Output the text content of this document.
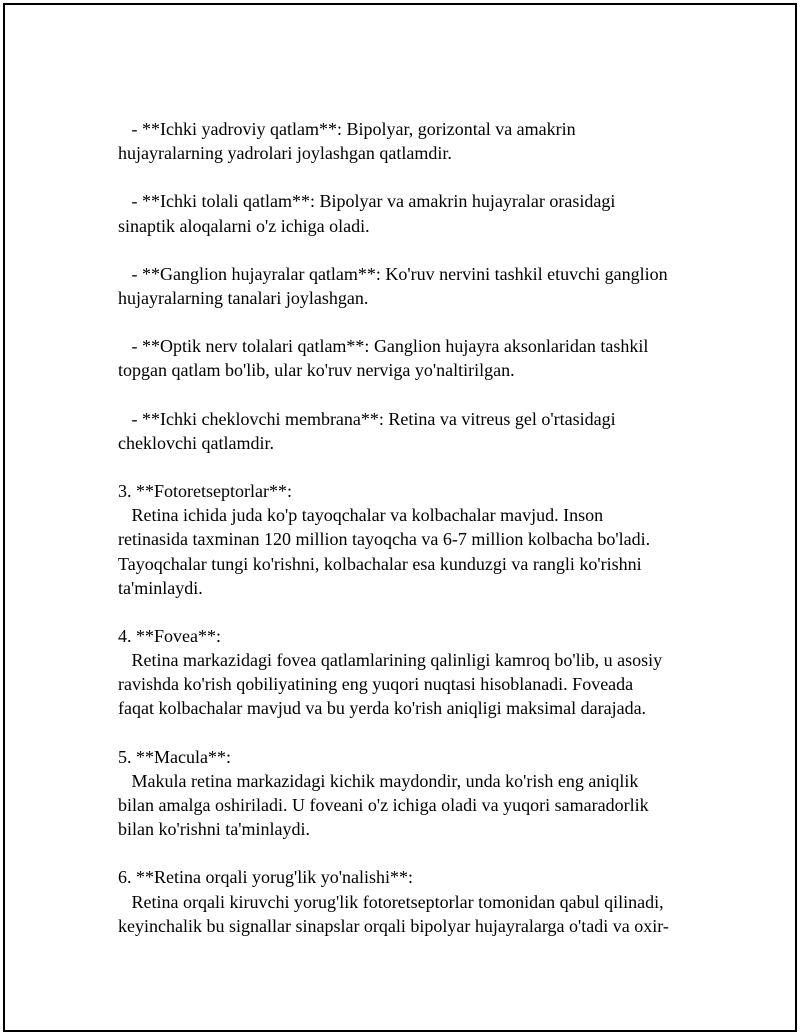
- **Ichki yadroviy qatlam**: Bipolyar, gorizontal va amakrin
hujayralarning yadrolari joylashgan qatlamdir.
- **Ichki tolali qatlam**: Bipolyar va amakrin hujayralar orasidagi
sinaptik aloqalarni o'z ichiga oladi.
- **Ganglion hujayralar qatlam**: Ko'ruv nervini tashkil etuvchi ganglion
hujayralarning tanalari joylashgan.
- **Optik nerv tolalari qatlam**: Ganglion hujayra aksonlaridan tashkil
topgan qatlam bo'lib, ular ko'ruv nerviga yo'naltirilgan.
- **Ichki cheklovchi membrana**: Retina va vitreus gel o'rtasidagi
cheklovchi qatlamdir.
3. **Fotoretseptorlar**:
Retina ichida juda ko'p tayoqchalar va kolbachalar mavjud. Inson
retinasida taxminan 120 million tayoqcha va 6-7 million kolbacha bo'ladi.
Tayoqchalar tungi ko'rishni, kolbachalar esa kunduzgi va rangli ko'rishni
ta'minlaydi.
4. **Fovea**:
Retina markazidagi fovea qatlamlarining qalinligi kamroq bo'lib, u asosiy
ravishda ko'rish qobiliyatining eng yuqori nuqtasi hisoblanadi. Foveada
faqat kolbachalar mavjud va bu yerda ko'rish aniqligi maksimal darajada.
5. **Macula**:
Makula retina markazidagi kichik maydondir, unda ko'rish eng aniqlik
bilan amalga oshiriladi. U foveani o'z ichiga oladi va yuqori samaradorlik
bilan ko'rishni ta'minlaydi.
6. **Retina orqali yorug'lik yo'nalishi**:
Retina orqali kiruvchi yorug'lik fotoretseptorlar tomonidan qabul qilinadi,
keyinchalik bu signallar sinapslar orqali bipolyar hujayralarga o'tadi va oxir-
